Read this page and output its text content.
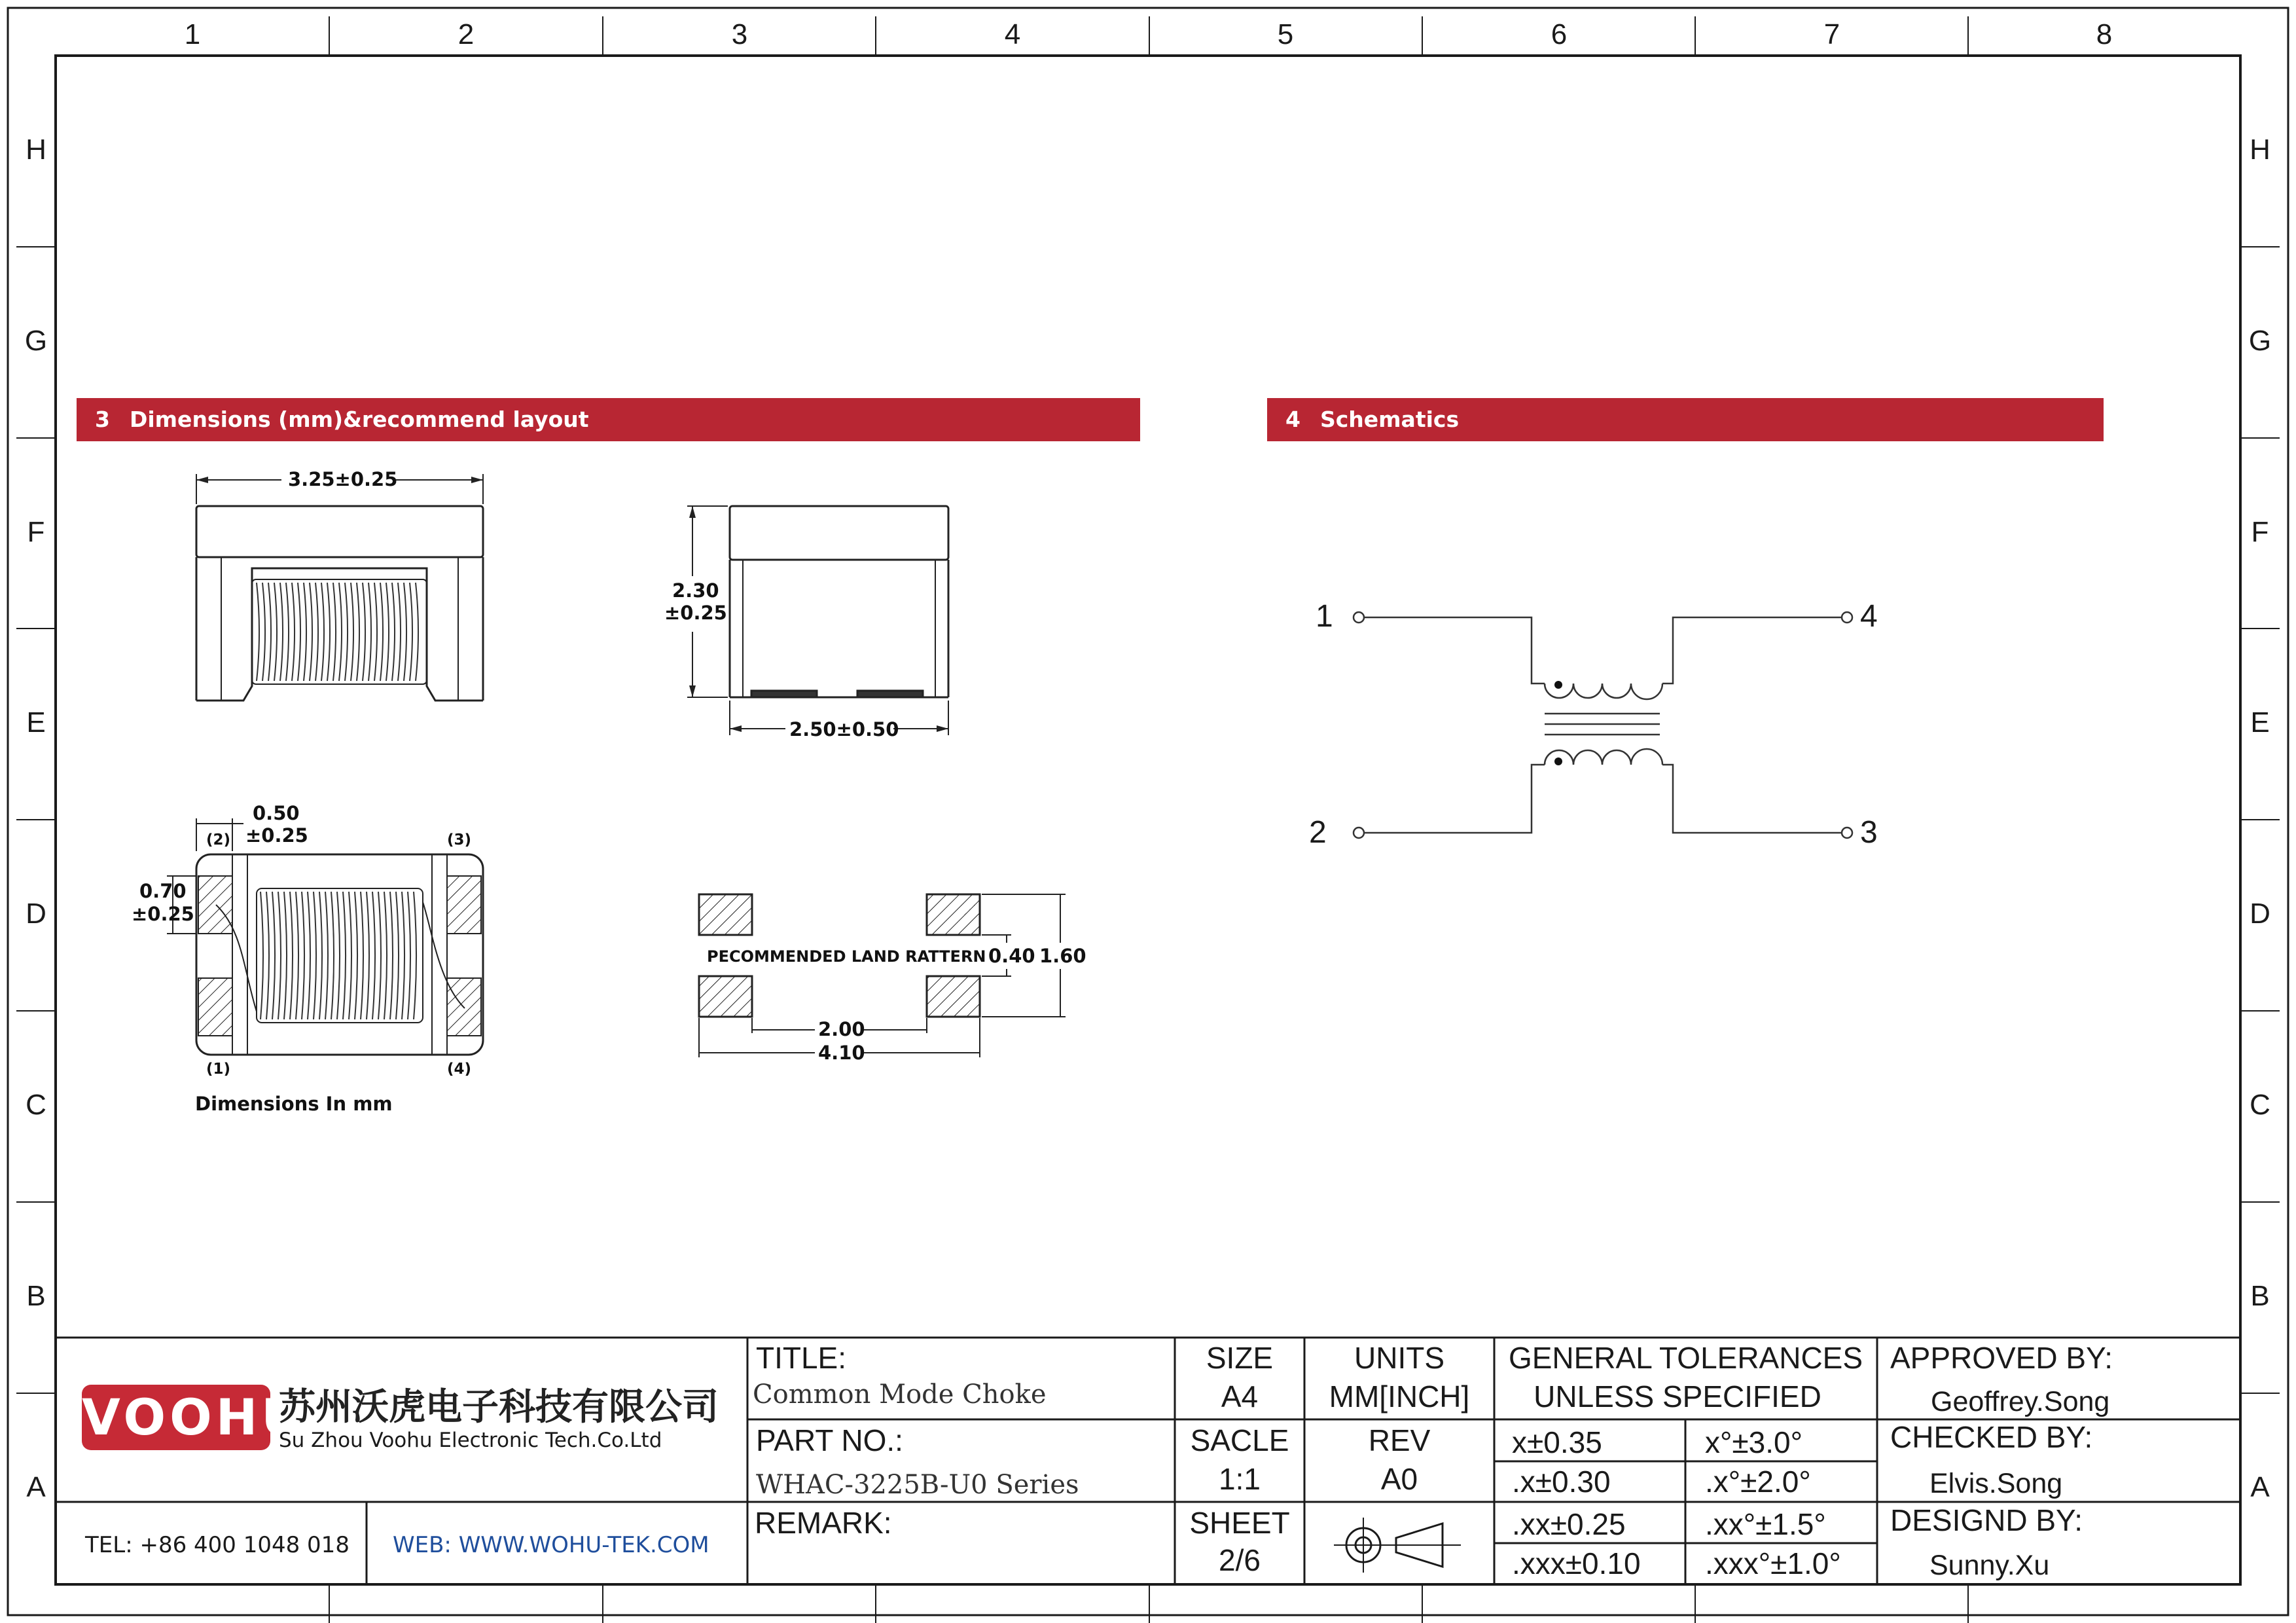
1	2	3	4	5	6	7	8
H
G
F
E
D
C
B
A
H
G
F
E
D
C
B
A
3 Dimensions (mm)&recommend layout	4 Schematics
3.25±0.25
2.30
±0.25
2.50±0.50
0.50
±0.25
0.70
±0.25
(2)	(3)
(1)	(4)
Dimensions In mm
PECOMMENDED LAND RATTERN 0.40 1.60
2.00
4.10
1
2	3
4
VOOHU
苏州沃虎电子科技有限公司
Su Zhou Voohu Electronic Tech.Co.Ltd
TEL: +86 400 1048 018 WEB: WWW.WOHU-TEK.COM
TITLE:
Common Mode Choke
PART NO.:
WHAC-3225B-U0 Series
REMARK:
SIZE
A4
SACLE
1:1
SHEET
2/6
UNITS
MM[INCH]
REV
A0
GENERAL TOLERANCES
UNLESS SPECIFIED
x±0.35	x°±3.0°
.x±0.30	.x°±2.0°
.xx±0.25	.xx°±1.5°
.xxx±0.10 .xxx°±1.0°
APPROVED BY:
Geoffrey.Song
CHECKED BY:
Elvis.Song
DESIGND BY:
Sunny.Xu
